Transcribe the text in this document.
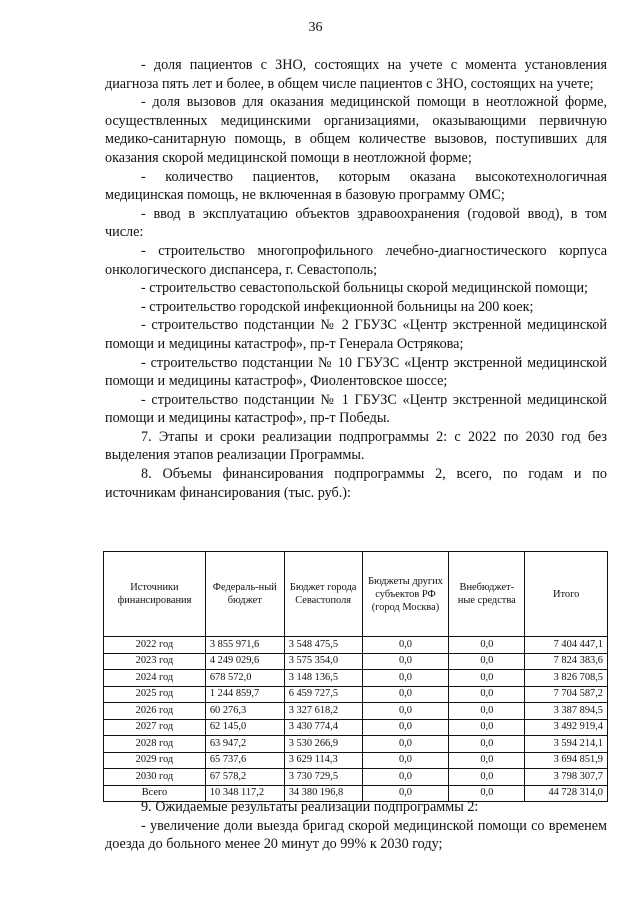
36

- доля пациентов с ЗНО, состоящих на учете с момента установления диагноза пять лет и более, в общем числе пациентов с ЗНО, состоящих на учете;

- доля вызовов для оказания медицинской помощи в неотложной форме, осуществленных медицинскими организациями, оказывающими первичную медико-санитарную помощь, в общем количестве вызовов, поступивших для оказания скорой медицинской помощи в неотложной форме;

- количество пациентов, которым оказана высокотехнологичная медицинская помощь, не включенная в базовую программу ОМС;

- ввод в эксплуатацию объектов здравоохранения (годовой ввод), в том числе:

- строительство многопрофильного лечебно-диагностического корпуса онкологического диспансера, г. Севастополь;

- строительство севастопольской больницы скорой медицинской помощи;

- строительство городской инфекционной больницы на 200 коек;

- строительство подстанции № 2 ГБУЗС «Центр экстренной медицинской помощи и медицины катастроф», пр-т Генерала Острякова;

- строительство подстанции № 10 ГБУЗС «Центр экстренной медицинской помощи и медицины катастроф», Фиолентовское шоссе;

- строительство подстанции № 1 ГБУЗС «Центр экстренной медицинской помощи и медицины катастроф», пр-т Победы.

7. Этапы и сроки реализации подпрограммы 2: с 2022 по 2030 год без выделения этапов реализации Программы.

8. Объемы финансирования подпрограммы 2, всего, по годам и по источникам финансирования (тыс. руб.):

Источники финансирования	Федераль-ный бюджет	Бюджет города Севастополя	Бюджеты других субъектов РФ (город Москва)	Внебюджет-ные средства	Итого
2022 год	3 855 971,6	3 548 475,5	0,0	0,0	7 404 447,1
2023 год	4 249 029,6	3 575 354,0	0,0	0,0	7 824 383,6
2024 год	678 572,0	3 148 136,5	0,0	0,0	3 826 708,5
2025 год	1 244 859,7	6 459 727,5	0,0	0,0	7 704 587,2
2026 год	60 276,3	3 327 618,2	0,0	0,0	3 387 894,5
2027 год	62 145,0	3 430 774,4	0,0	0,0	3 492 919,4
2028 год	63 947,2	3 530 266,9	0,0	0,0	3 594 214,1
2029 год	65 737,6	3 629 114,3	0,0	0,0	3 694 851,9
2030 год	67 578,2	3 730 729,5	0,0	0,0	3 798 307,7
Всего	10 348 117,2	34 380 196,8	0,0	0,0	44 728 314,0

9. Ожидаемые результаты реализации подпрограммы 2:

- увеличение доли выезда бригад скорой медицинской помощи со временем доезда до больного менее 20 минут до 99% к 2030 году;
